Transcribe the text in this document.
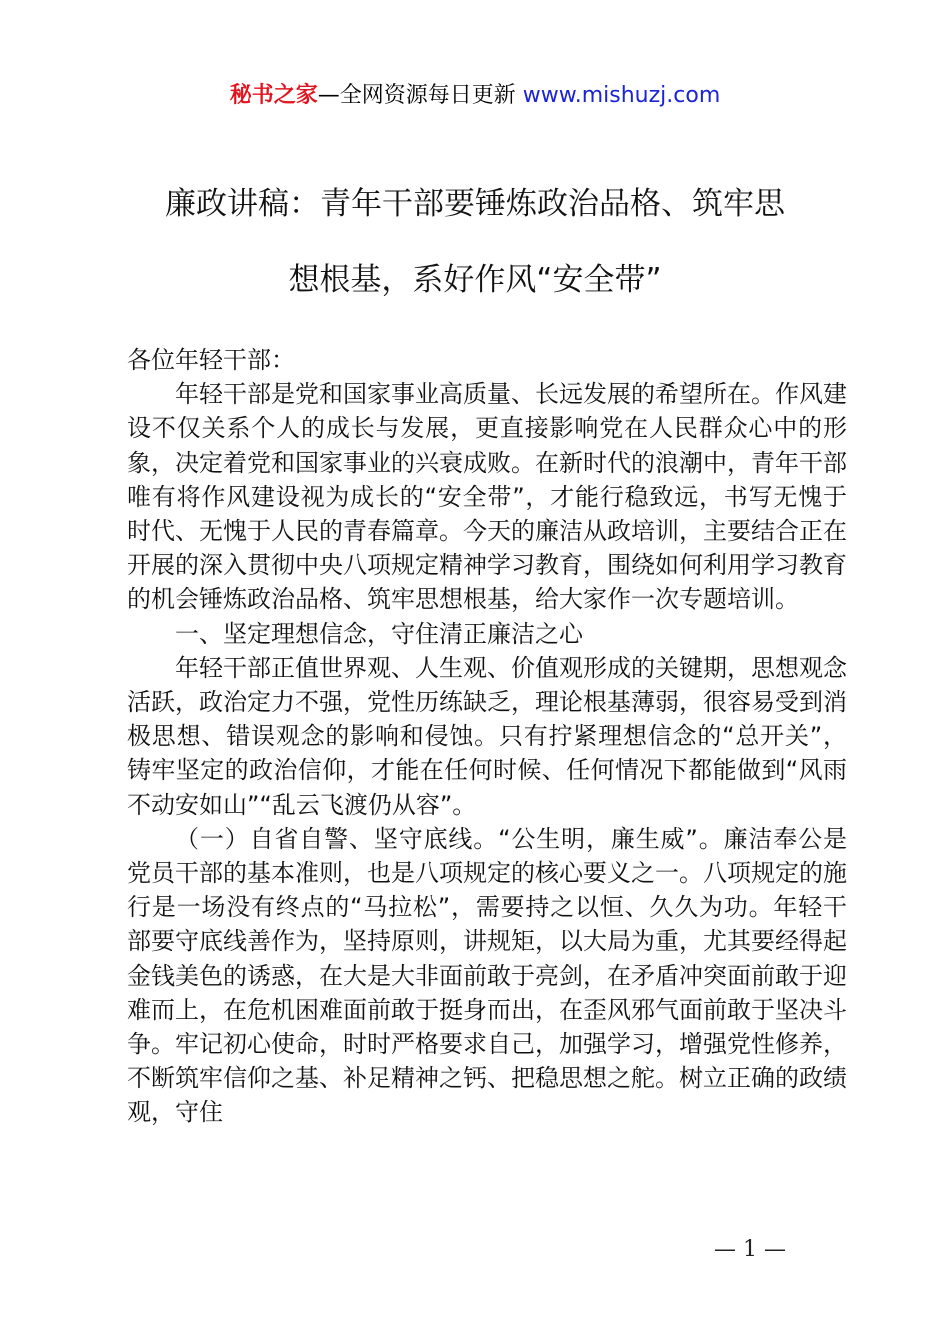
秘书之家—全网资源每日更新 www.mishuzj.com
廉政讲稿：青年干部要锤炼政治品格、筑牢思
想根基，系好作风“安全带”

各位年轻干部：

年轻干部是党和国家事业高质量、长远发展的希望所在。作风建设不仅关系个人的成长与发展，更直接影响党在人民群众心中的形象，决定着党和国家事业的兴衰成败。在新时代的浪潮中，青年干部唯有将作风建设视为成长的“安全带”，才能行稳致远，书写无愧于时代、无愧于人民的青春篇章。今天的廉洁从政培训，主要结合正在开展的深入贯彻中央八项规定精神学习教育，围绕如何利用学习教育的机会锤炼政治品格、筑牢思想根基，给大家作一次专题培训。

一、坚定理想信念，守住清正廉洁之心

年轻干部正值世界观、人生观、价值观形成的关键期，思想观念活跃，政治定力不强，党性历练缺乏，理论根基薄弱，很容易受到消极思想、错误观念的影响和侵蚀。只有拧紧理想信念的“总开关”，铸牢坚定的政治信仰，才能在任何时候、任何情况下都能做到“风雨不动安如山”“乱云飞渡仍从容”。

（一）自省自警、坚守底线。“公生明，廉生威”。廉洁奉公是党员干部的基本准则，也是八项规定的核心要义之一。八项规定的施行是一场没有终点的“马拉松”，需要持之以恒、久久为功。年轻干部要守底线善作为，坚持原则，讲规矩，以大局为重，尤其要经得起金钱美色的诱惑，在大是大非面前敢于亮剑，在矛盾冲突面前敢于迎难而上，在危机困难面前敢于挺身而出，在歪风邪气面前敢于坚决斗争。牢记初心使命，时时严格要求自己，加强学习，增强党性修养，不断筑牢信仰之基、补足精神之钙、把稳思想之舵。树立正确的政绩观，守住

— 1 —
